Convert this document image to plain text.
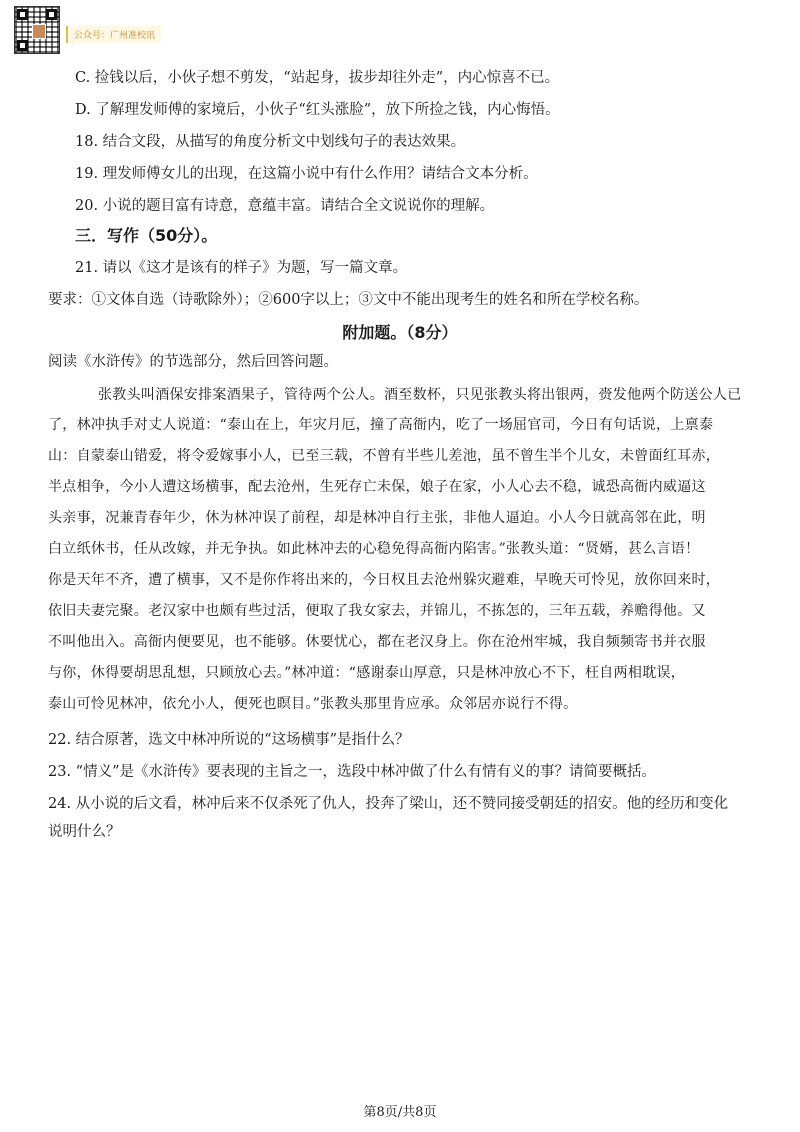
公众号：广州准校讯
C. 捡钱以后，小伙子想不剪发，“站起身，拔步却往外走”，内心惊喜不已。
D. 了解理发师傅的家境后，小伙子“红头涨脸”，放下所捡之钱，内心悔悟。
18. 结合文段，从描写的角度分析文中划线句子的表达效果。
19. 理发师傅女儿的出现，在这篇小说中有什么作用？请结合文本分析。
20. 小说的题目富有诗意，意蕴丰富。请结合全文说说你的理解。
三．写作（50分）。
21. 请以《这才是该有的样子》为题，写一篇文章。
要求：①文体自选（诗歌除外）；②600字以上；③文中不能出现考生的姓名和所在学校名称。
附加题。（8分）
阅读《水浒传》的节选部分，然后回答问题。
张教头叫酒保安排案酒果子，管待两个公人。酒至数杯，只见张教头将出银两，赍发他两个防送公人已
了，林冲执手对丈人说道：“泰山在上，年灾月厄，撞了高衙内，吃了一场屈官司，今日有句话说，上禀泰
山：自蒙泰山错爱，将令爱嫁事小人，已至三载，不曾有半些儿差池，虽不曾生半个儿女，未曾面红耳赤，
半点相争，今小人遭这场横事，配去沧州，生死存亡未保，娘子在家，小人心去不稳，诚恐高衙内威逼这
头亲事，况兼青春年少，休为林冲误了前程，却是林冲自行主张，非他人逼迫。小人今日就高邻在此，明
白立纸休书，任从改嫁，并无争执。如此林冲去的心稳免得高衙内陷害。”张教头道：“贤婿，甚么言语！
你是天年不齐，遭了横事，又不是你作将出来的，今日权且去沧州躲灾避难，早晚天可怜见，放你回来时，
依旧夫妻完聚。老汉家中也颇有些过活，便取了我女家去，并锦儿，不拣怎的，三年五载，养赡得他。又
不叫他出入。高衙内便要见，也不能够。休要忧心，都在老汉身上。你在沧州牢城，我自频频寄书并衣服
与你，休得要胡思乱想，只顾放心去。”林冲道：“感谢泰山厚意，只是林冲放心不下，枉自两相耽误，
泰山可怜见林冲，依允小人，便死也瞑目。”张教头那里肯应承。众邻居亦说行不得。
22. 结合原著，选文中林冲所说的“这场横事”是指什么？
23. “情义”是《水浒传》要表现的主旨之一，选段中林冲做了什么有情有义的事？请简要概括。
24. 从小说的后文看，林冲后来不仅杀死了仇人，投奔了梁山，还不赞同接受朝廷的招安。他的经历和变化
说明什么？
第8页/共8页
